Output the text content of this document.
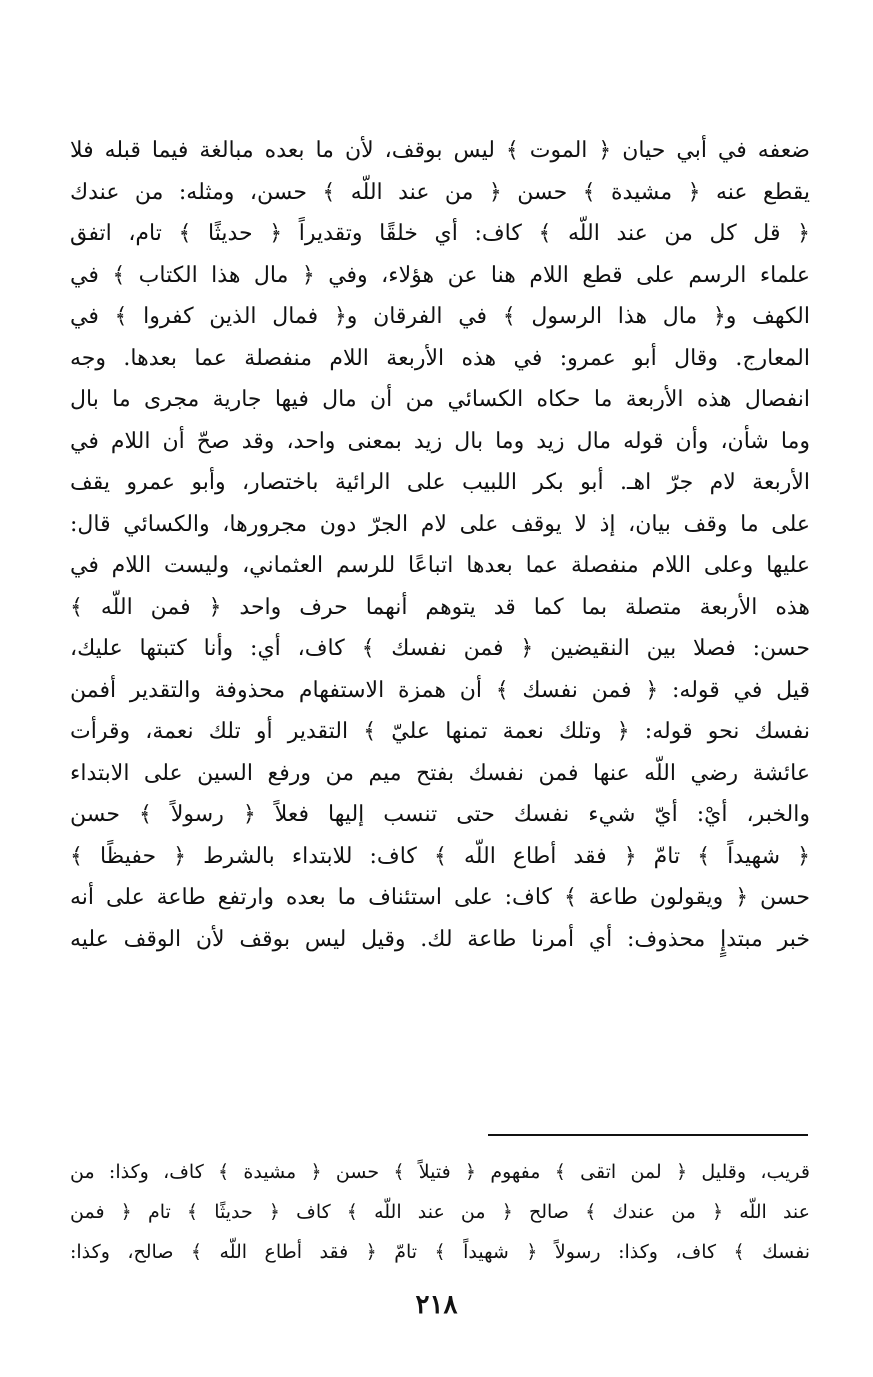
ضعفه في أبي حيان ﴿ الموت ﴾ ليس بوقف، لأن ما بعده مبالغة فيما قبله فلا
يقطع عنه ﴿ مشيدة ﴾ حسن ﴿ من عند اللّه ﴾ حسن، ومثله: من عندك
﴿ قل كل من عند اللّه ﴾ كاف: أي خلقًا وتقديراً ﴿ حديثًا ﴾ تام، اتفق
علماء الرسم على قطع اللام هنا عن هؤلاء، وفي ﴿ مال هذا الكتاب ﴾ في
الكهف و﴿ مال هذا الرسول ﴾ في الفرقان و﴿ فمال الذين كفروا ﴾ في
المعارج. وقال أبو عمرو: في هذه الأربعة اللام منفصلة عما بعدها. وجه
انفصال هذه الأربعة ما حكاه الكسائي من أن مال فيها جارية مجرى ما بال
وما شأن، وأن قوله مال زيد وما بال زيد بمعنى واحد، وقد صحّ أن اللام في
الأربعة لام جرّ اهـ. أبو بكر اللبيب على الرائية باختصار، وأبو عمرو يقف
على ما وقف بيان، إذ لا يوقف على لام الجرّ دون مجرورها، والكسائي قال:
عليها وعلى اللام منفصلة عما بعدها اتباعًا للرسم العثماني، وليست اللام في
هذه الأربعة متصلة بما كما قد يتوهم أنهما حرف واحد ﴿ فمن اللّه ﴾
حسن: فصلا بين النقيضين ﴿ فمن نفسك ﴾ كاف، أي: وأنا كتبتها عليك،
قيل في قوله: ﴿ فمن نفسك ﴾ أن همزة الاستفهام محذوفة والتقدير أفمن
نفسك نحو قوله: ﴿ وتلك نعمة تمنها عليّ ﴾ التقدير أو تلك نعمة، وقرأت
عائشة رضي اللّه عنها فمن نفسك بفتح ميم من ورفع السين على الابتداء
والخبر، أيْ: أيّ شيء نفسك حتى تنسب إليها فعلاً ﴿ رسولاً ﴾ حسن
﴿ شهيداً ﴾ تامّ ﴿ فقد أطاع اللّه ﴾ كاف: للابتداء بالشرط ﴿ حفيظًا ﴾
حسن ﴿ ويقولون طاعة ﴾ كاف: على استئناف ما بعده وارتفع طاعة على أنه
خبر مبتدإٍ محذوف: أي أمرنا طاعة لك. وقيل ليس بوقف لأن الوقف عليه
قريب، وقليل ﴿ لمن اتقى ﴾ مفهوم ﴿ فتيلاً ﴾ حسن ﴿ مشيدة ﴾ كاف، وكذا: من
عند اللّه ﴿ من عندك ﴾ صالح ﴿ من عند اللّه ﴾ كاف ﴿ حديثًا ﴾ تام ﴿ فمن
نفسك ﴾ كاف، وكذا: رسولاً ﴿ شهيداً ﴾ تامّ ﴿ فقد أطاع اللّه ﴾ صالح، وكذا:
٢١٨
